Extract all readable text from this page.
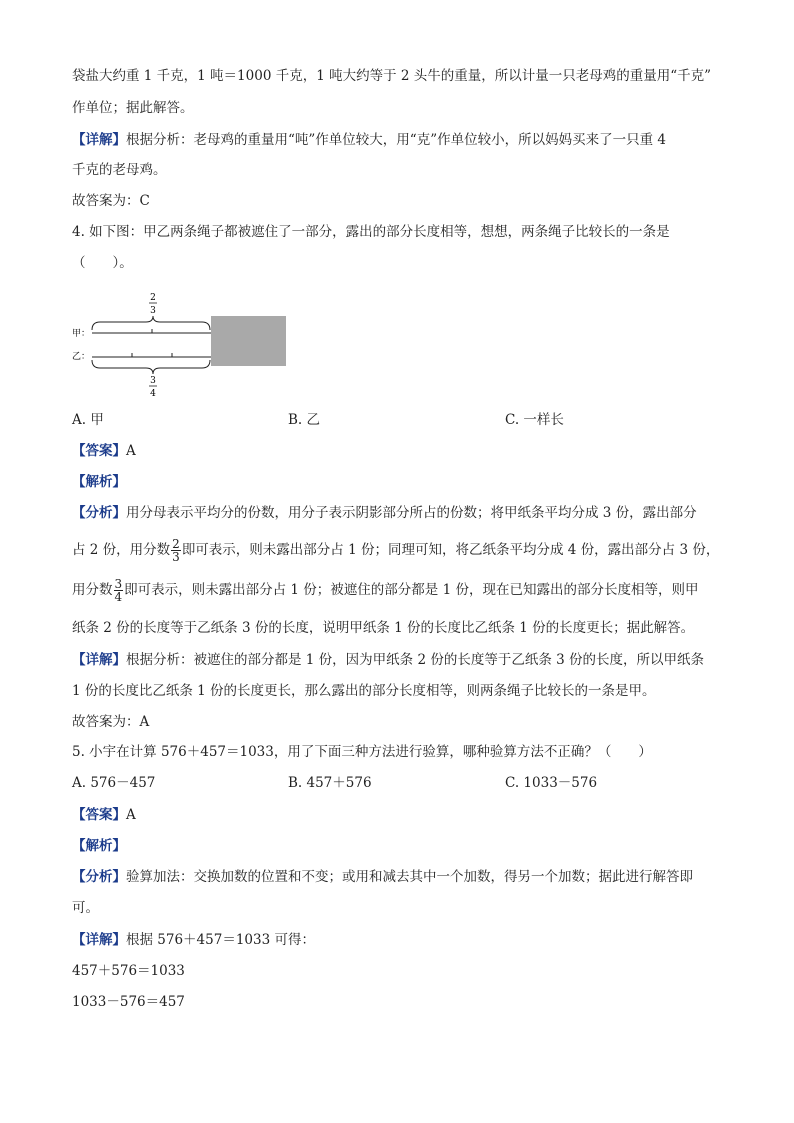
袋盐大约重 1 千克，1 吨＝1000 千克，1 吨大约等于 2 头牛的重量，所以计量一只老母鸡的重量用“千克”
作单位；据此解答。
【详解】根据分析：老母鸡的重量用“吨”作单位较大，用“克”作单位较小，所以妈妈买来了一只重 4
千克的老母鸡。
故答案为：C
4. 如下图：甲乙两条绳子都被遮住了一部分，露出的部分长度相等，想想，两条绳子比较长的一条是
（　　）。
2
3
甲：
乙：
3
4
A. 甲	B. 乙	C. 一样长
【答案】A
【解析】
【分析】用分母表示平均分的份数，用分子表示阴影部分所占的份数；将甲纸条平均分成 3 份，露出部分
占 2 份，用分数 $\frac{2}{3}$ 即可表示，则未露出部分占 1 份；同理可知，将乙纸条平均分成 4 份，露出部分占 3 份，
用分数 $\frac{3}{4}$ 即可表示，则未露出部分占 1 份；被遮住的部分都是 1 份，现在已知露出的部分长度相等，则甲
纸条 2 份的长度等于乙纸条 3 份的长度，说明甲纸条 1 份的长度比乙纸条 1 份的长度更长；据此解答。
【详解】根据分析：被遮住的部分都是 1 份，因为甲纸条 2 份的长度等于乙纸条 3 份的长度，所以甲纸条
1 份的长度比乙纸条 1 份的长度更长，那么露出的部分长度相等，则两条绳子比较长的一条是甲。
故答案为：A
5. 小宇在计算 576＋457＝1033，用了下面三种方法进行验算，哪种验算方法不正确？（　　）
A. 576－457	B. 457＋576	C. 1033－576
【答案】A
【解析】
【分析】验算加法：交换加数的位置和不变；或用和减去其中一个加数，得另一个加数；据此进行解答即
可。
【详解】根据 576＋457＝1033 可得：
457＋576＝1033
1033－576＝457
